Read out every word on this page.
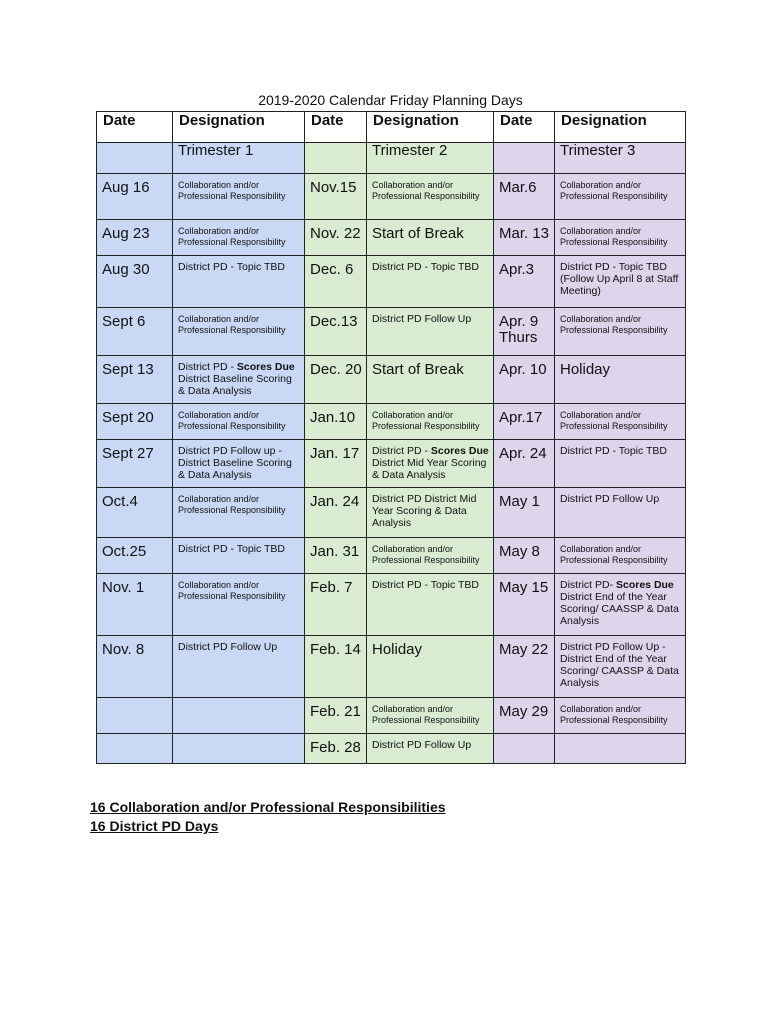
2019-2020 Calendar Friday Planning Days
Date	Designation	Date	Designation	Date	Designation

	Trimester 1		Trimester 2		Trimester 3

Aug 16	Collaboration and/or Professional Responsibility	Nov.15	Collaboration and/or Professional Responsibility	Mar.6	Collaboration and/or Professional Responsibility

Aug 23	Collaboration and/or Professional Responsibility	Nov. 22	Start of Break	Mar. 13	Collaboration and/or Professional Responsibility

Aug 30	District PD - Topic TBD	Dec. 6	District PD - Topic TBD	Apr.3	District PD - Topic TBD (Follow Up April 8 at Staff Meeting)

Sept 6	Collaboration and/or Professional Responsibility	Dec.13	District PD Follow Up	Apr. 9 Thurs	Collaboration and/or Professional Responsibility

Sept 13	District PD - Scores Due
District Baseline Scoring & Data Analysis	Dec. 20	Start of Break	Apr. 10	Holiday

Sept 20	Collaboration and/or Professional Responsibility	Jan.10	Collaboration and/or Professional Responsibility	Apr.17	Collaboration and/or Professional Responsibility

Sept 27	District PD Follow up - District Baseline Scoring & Data Analysis	Jan. 17	District PD - Scores Due
District Mid Year Scoring & Data Analysis	Apr. 24	District PD - Topic TBD

Oct.4	Collaboration and/or Professional Responsibility	Jan. 24	District PD District Mid Year Scoring & Data Analysis	May 1	District PD Follow Up

Oct.25	District PD - Topic TBD	Jan. 31	Collaboration and/or Professional Responsibility	May 8	Collaboration and/or Professional Responsibility

Nov. 1	Collaboration and/or Professional Responsibility	Feb. 7	District PD - Topic TBD	May 15	District PD- Scores Due
District End of the Year Scoring/ CAASSP & Data Analysis

Nov. 8	District PD Follow Up	Feb. 14	Holiday	May 22	District PD Follow Up - District End of the Year Scoring/ CAASSP & Data Analysis

		Feb. 21	Collaboration and/or Professional Responsibility	May 29	Collaboration and/or Professional Responsibility

		Feb. 28	District PD Follow Up		

16 Collaboration and/or Professional Responsibilities
16 District PD Days
